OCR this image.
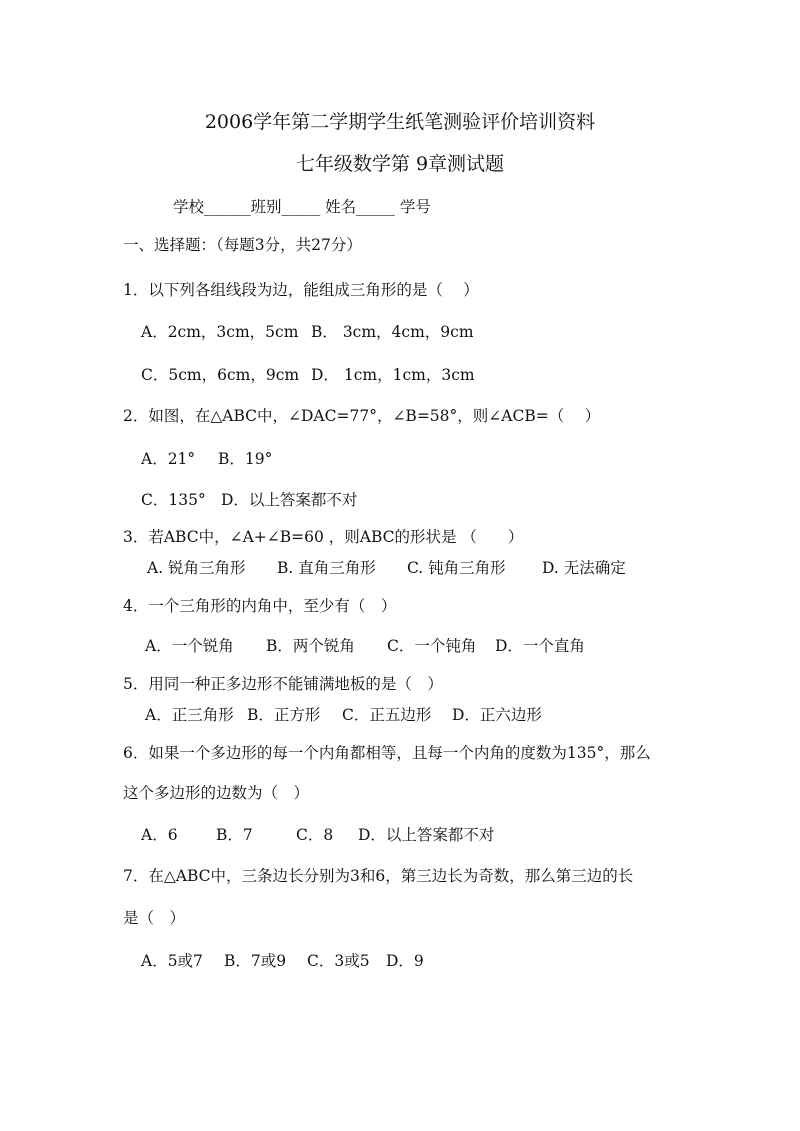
2006学年第二学期学生纸笔测验评价培训资料
七年级数学第 9章测试题
学校______班别_____ 姓名_____ 学号
一、选择题：（每题3分，共27分）
1．以下列各组线段为边，能组成三角形的是（　 ）
A．2cm，3cm，5cm B． 3cm，4cm，9cm
C．5cm，6cm，9cm D． 1cm，1cm，3cm
2．如图，在△ABC中，∠DAC=77°，∠B=58°，则∠ACB=（　 ）
A．21° B．19°
C．135° D．以上答案都不对
3．若ABC中，∠A+∠B=60 ，则ABC的形状是 （　　）
A. 锐角三角形 B. 直角三角形 C. 钝角三角形 D. 无法确定
4．一个三角形的内角中，至少有（　）
A．一个锐角 B．两个锐角 C．一个钝角 D．一个直角
5．用同一种正多边形不能铺满地板的是（　）
A．正三角形 B．正方形 C．正五边形 D．正六边形
6．如果一个多边形的每一个内角都相等，且每一个内角的度数为135°，那么
这个多边形的边数为（　）
A．6 B．7	C．8 D．以上答案都不对
7．在△ABC中，三条边长分别为3和6，第三边长为奇数，那么第三边的长
是（　）
A．5或7 B．7或9 C．3或5 D．9
